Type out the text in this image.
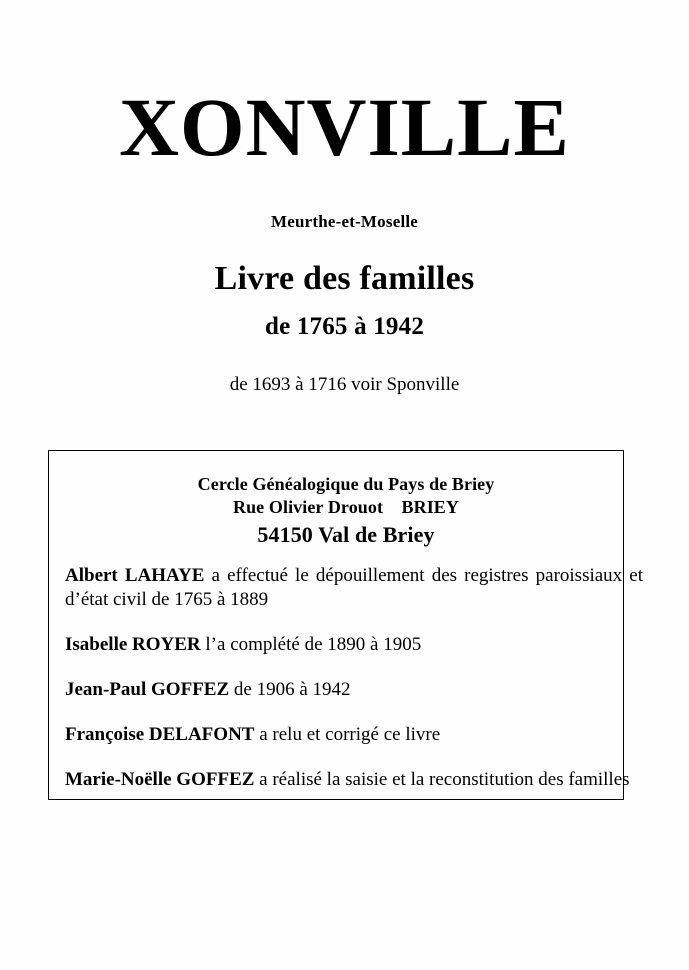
XONVILLE

Meurthe-et-Moselle

Livre des familles

de 1765 à 1942

de 1693 à 1716 voir Sponville

Cercle Généalogique du Pays de Briey

Rue Olivier Drouot    BRIEY

54150 Val de Briey

Albert LAHAYE a effectué le dépouillement des registres paroissiaux et d’état civil de 1765 à 1889

Isabelle ROYER l’a complété de 1890 à 1905

Jean-Paul GOFFEZ de 1906 à 1942

Françoise DELAFONT a relu et corrigé ce livre

Marie-Noëlle GOFFEZ a réalisé la saisie et la reconstitution des familles
